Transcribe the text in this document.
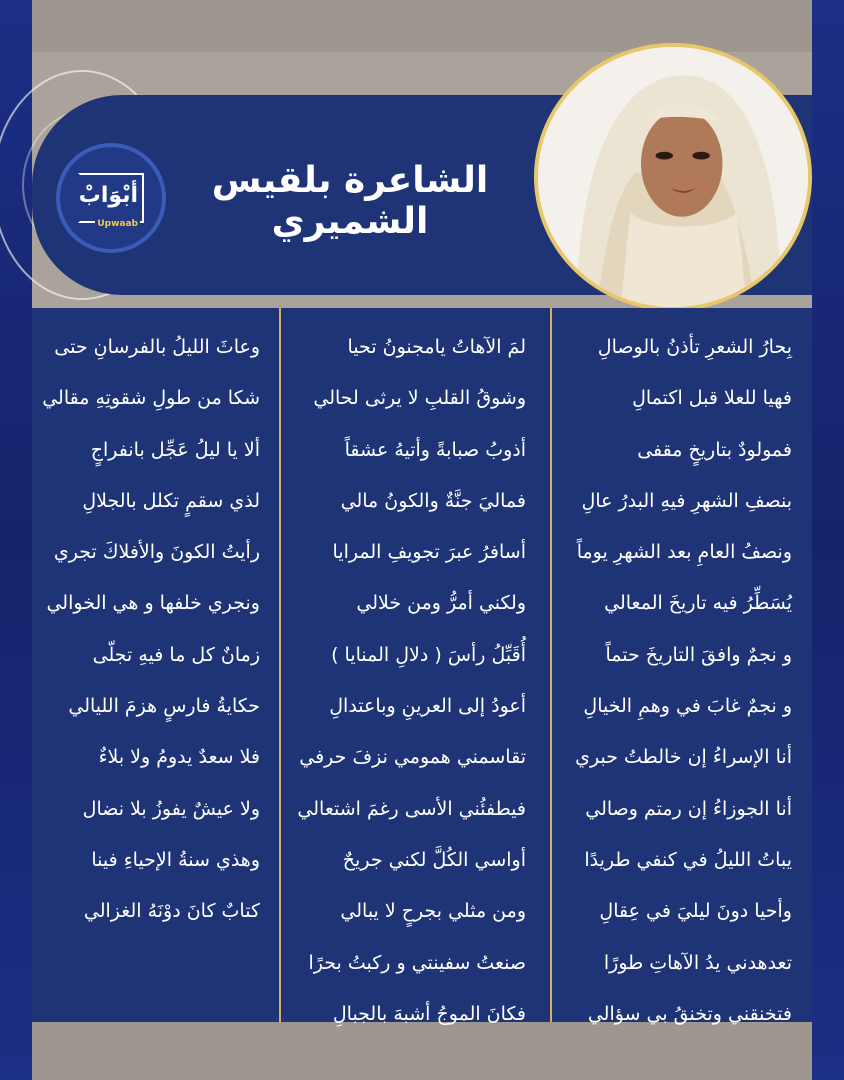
أبْوَابْ
Upwaab
الشاعرة بلقيس الشميري
بِحارُ الشعرِ تأذنُ بالوصالِ
فهيا للعلا قبل اكتمالِ
فمولودٌ بتاريخٍ مقفى
بنصفِ الشهرِ فيهِ البدرُ عالِ
ونصفُ العامِ بعد الشهرِ يوماً
يُسَطِّرُ فيه تاريخَ المعالي
و نجمٌ وافقَ التاريخَ حتماً
و نجمٌ غابَ في وهمِ الخيالِ
أنا الإسراءُ إن خالطتُ حبري
أنا الجوزاءُ إن رمتم وصالي
يباتُ الليلُ في كنفي طريدًا
وأحيا دونَ ليليَ في عِقالِ
تعدهدني يدُ الآهاتِ طورًا
فتخنقني وتخنقُ بي سؤالي
لمَ الآهاتُ يامجنونُ تحيا
وشوقُ القلبِ لا يرثى لحالي
أذوبُ صبابةً وأتيهُ عشقاً
فماليَ جنَّةٌ والكونُ مالي
أسافرُ عبرَ تجويفِ المرايا
ولكني أمرُّ ومن خلالي
أُقَبِّلُ رأسَ ( دلالِ المنايا )
أعودُ إلى العرينِ وباعتدالِ
تقاسمني همومي نزفَ حرفي
فيطفئُني الأسى رغمَ اشتعالي
أواسي الكُلَّ لكني جريحٌ
ومن مثلي بجرحٍ لا يبالي
صنعتُ سفينتي و ركبتُ بحرًا
فكانَ الموجُ أشبهَ بالجبالِ
وعاثَ الليلُ بالفرسانِ حتى
شكا من طولِ شقوتِهِ مقالي
ألا يا ليلُ عَجِّل بانفراجٍ
لذي سقمٍ تكلل بالجلالِ
رأيتُ الكونَ والأفلاكَ تجري
ونجري خلفها و هي الخوالي
زمانٌ كل ما فيهِ تجلّى
حكايةُ فارسٍ هزمَ الليالي
فلا سعدٌ يدومُ ولا بلاءٌ
ولا عيشٌ يفوزُ بلا نضال
وهذي سنةُ الإحياءِ فينا
كتابٌ كانَ دوْنَهُ الغزالي
